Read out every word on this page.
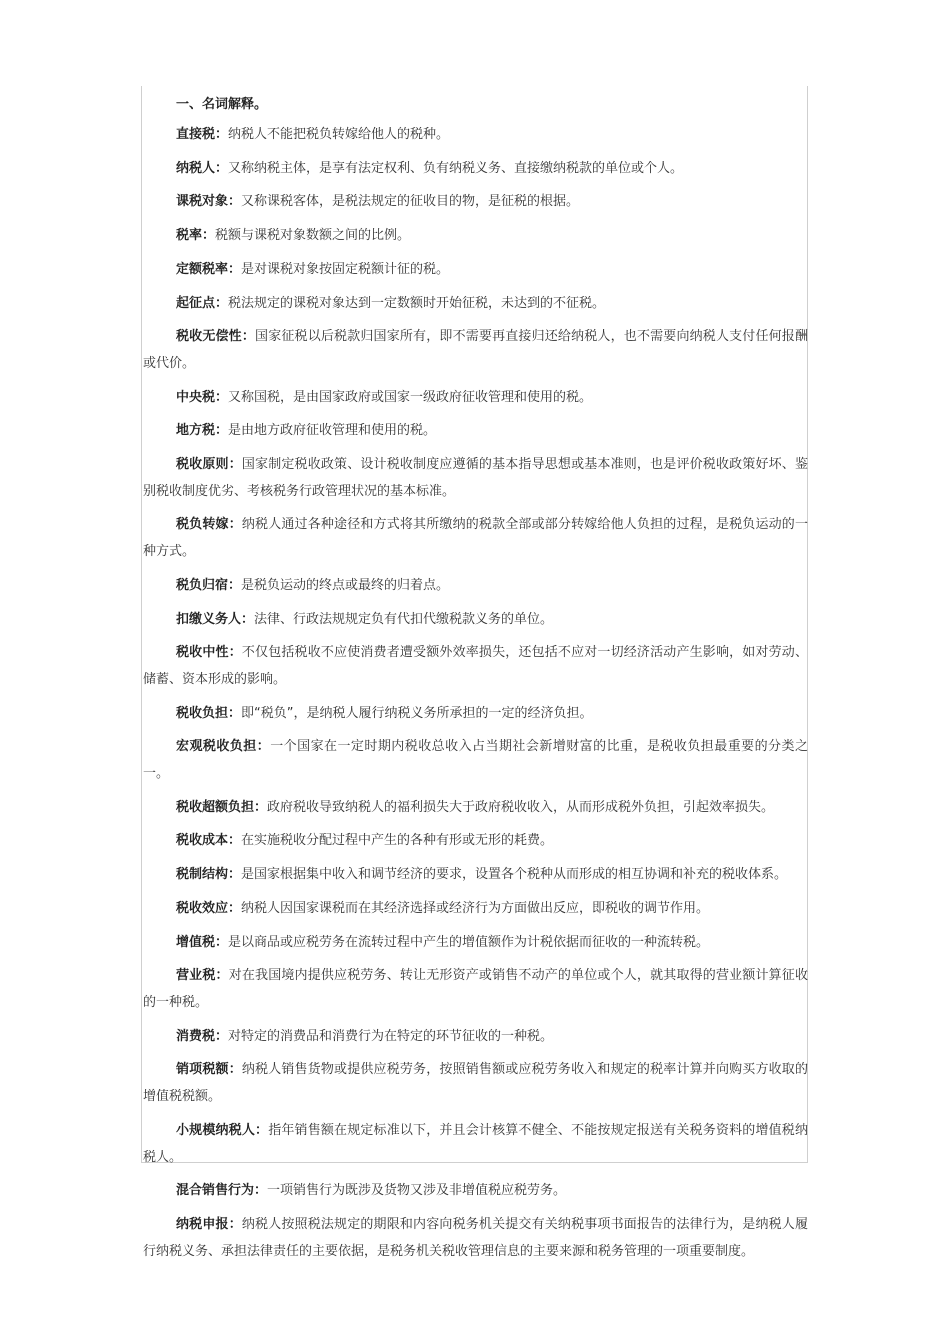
一、名词解释。

直接税：纳税人不能把税负转嫁给他人的税种。

纳税人：又称纳税主体，是享有法定权利、负有纳税义务、直接缴纳税款的单位或个人。

课税对象：又称课税客体，是税法规定的征收目的物，是征税的根据。

税率：税额与课税对象数额之间的比例。

定额税率：是对课税对象按固定税额计征的税。

起征点：税法规定的课税对象达到一定数额时开始征税，未达到的不征税。

税收无偿性：国家征税以后税款归国家所有，即不需要再直接归还给纳税人，也不需要向纳税人支付任何报酬或代价。

中央税：又称国税，是由国家政府或国家一级政府征收管理和使用的税。

地方税：是由地方政府征收管理和使用的税。

税收原则：国家制定税收政策、设计税收制度应遵循的基本指导思想或基本准则，也是评价税收政策好坏、鉴别税收制度优劣、考核税务行政管理状况的基本标准。

税负转嫁：纳税人通过各种途径和方式将其所缴纳的税款全部或部分转嫁给他人负担的过程，是税负运动的一种方式。

税负归宿：是税负运动的终点或最终的归着点。

扣缴义务人：法律、行政法规规定负有代扣代缴税款义务的单位。

税收中性：不仅包括税收不应使消费者遭受额外效率损失，还包括不应对一切经济活动产生影响，如对劳动、储蓄、资本形成的影响。

税收负担：即“税负”，是纳税人履行纳税义务所承担的一定的经济负担。

宏观税收负担：一个国家在一定时期内税收总收入占当期社会新增财富的比重，是税收负担最重要的分类之一。

税收超额负担：政府税收导致纳税人的福利损失大于政府税收收入，从而形成税外负担，引起效率损失。

税收成本：在实施税收分配过程中产生的各种有形或无形的耗费。

税制结构：是国家根据集中收入和调节经济的要求，设置各个税种从而形成的相互协调和补充的税收体系。

税收效应：纳税人因国家课税而在其经济选择或经济行为方面做出反应，即税收的调节作用。

增值税：是以商品或应税劳务在流转过程中产生的增值额作为计税依据而征收的一种流转税。

营业税：对在我国境内提供应税劳务、转让无形资产或销售不动产的单位或个人，就其取得的营业额计算征收的一种税。

消费税：对特定的消费品和消费行为在特定的环节征收的一种税。

销项税额：纳税人销售货物或提供应税劳务，按照销售额或应税劳务收入和规定的税率计算并向购买方收取的增值税税额。

小规模纳税人：指年销售额在规定标准以下，并且会计核算不健全、不能按规定报送有关税务资料的增值税纳税人。

混合销售行为：一项销售行为既涉及货物又涉及非增值税应税劳务。

纳税申报：纳税人按照税法规定的期限和内容向税务机关提交有关纳税事项书面报告的法律行为，是纳税人履行纳税义务、承担法律责任的主要依据，是税务机关税收管理信息的主要来源和税务管理的一项重要制度。
